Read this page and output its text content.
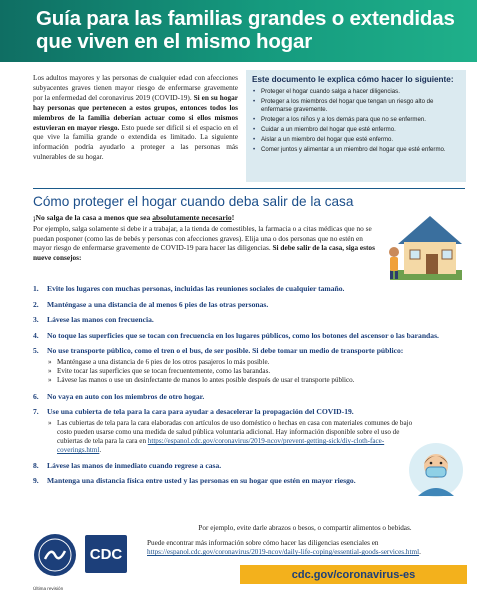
Guía para las familias grandes o extendidas que viven en el mismo hogar

Los adultos mayores y las personas de cualquier edad con afecciones subyacentes graves tienen mayor riesgo de enfermarse gravemente por la enfermedad del coronavirus 2019 (COVID-19). Si en su hogar hay personas que pertenecen a estos grupos, entonces todos los miembros de la familia deberían actuar como si ellos mismos estuvieran en mayor riesgo. Esto puede ser difícil si el espacio en el que vive la familia grande o extendida es limitado. La siguiente información podría ayudarlo a proteger a las personas más vulnerables de su hogar.

Este documento le explica cómo hacer lo siguiente:
• Proteger el hogar cuando salga a hacer diligencias.
• Proteger a los miembros del hogar que tengan un riesgo alto de enfermarse gravemente.
• Proteger a los niños y a los demás para que no se enfermen.
• Cuidar a un miembro del hogar que esté enfermo.
• Aislar a un miembro del hogar que esté enfermo.
• Comer juntos y alimentar a un miembro del hogar que esté enfermo.
Cómo proteger el hogar cuando deba salir de la casa

¡No salga de la casa a menos que sea absolutamente necesario!

Por ejemplo, salga solamente si debe ir a trabajar, a la tienda de comestibles, la farmacia o a citas médicas que no se puedan posponer (como las de bebés y personas con afecciones graves). Elija una o dos personas que no estén en mayor riesgo de enfermarse gravemente de COVID-19 para hacer las diligencias. Si debe salir de la casa, siga estos nueve consejos:

1. Evite los lugares con muchas personas, incluidas las reuniones sociales de cualquier tamaño.
2. Manténgase a una distancia de al menos 6 pies de las otras personas.
3. Lávese las manos con frecuencia.
4. No toque las superficies que se tocan con frecuencia en los lugares públicos, como los botones del ascensor o las barandas.
5. No use transporte público, como el tren o el bus, de ser posible. Si debe tomar un medio de transporte público:
» Manténgase a una distancia de 6 pies de los otros pasajeros lo más posible.
» Evite tocar las superficies que se tocan frecuentemente, como las barandas.
» Lávese las manos o use un desinfectante de manos lo antes posible después de usar el transporte público.
6. No vaya en auto con los miembros de otro hogar.
7. Use una cubierta de tela para la cara para ayudar a desacelerar la propagación del COVID-19.
» Las cubiertas de tela para la cara elaboradas con artículos de uso doméstico o hechas en casa con materiales comunes de bajo costo pueden usarse como una medida de salud pública voluntaria adicional. Hay información disponible sobre el uso de cubiertas de tela para la cara en https://espanol.cdc.gov/coronavirus/2019-ncov/prevent-getting-sick/diy-cloth-face-coverings.html.
8. Lávese las manos de inmediato cuando regrese a casa.
9. Mantenga una distancia física entre usted y las personas en su hogar que estén en mayor riesgo.

Por ejemplo, evite darle abrazos o besos, o compartir alimentos o bebidas.

CDC

Puede encontrar más información sobre cómo hacer las diligencias esenciales en https://espanol.cdc.gov/coronavirus/2019-ncov/daily-life-coping/essential-goods-services.html.

cdc.gov/coronavirus-es
Última revisión
